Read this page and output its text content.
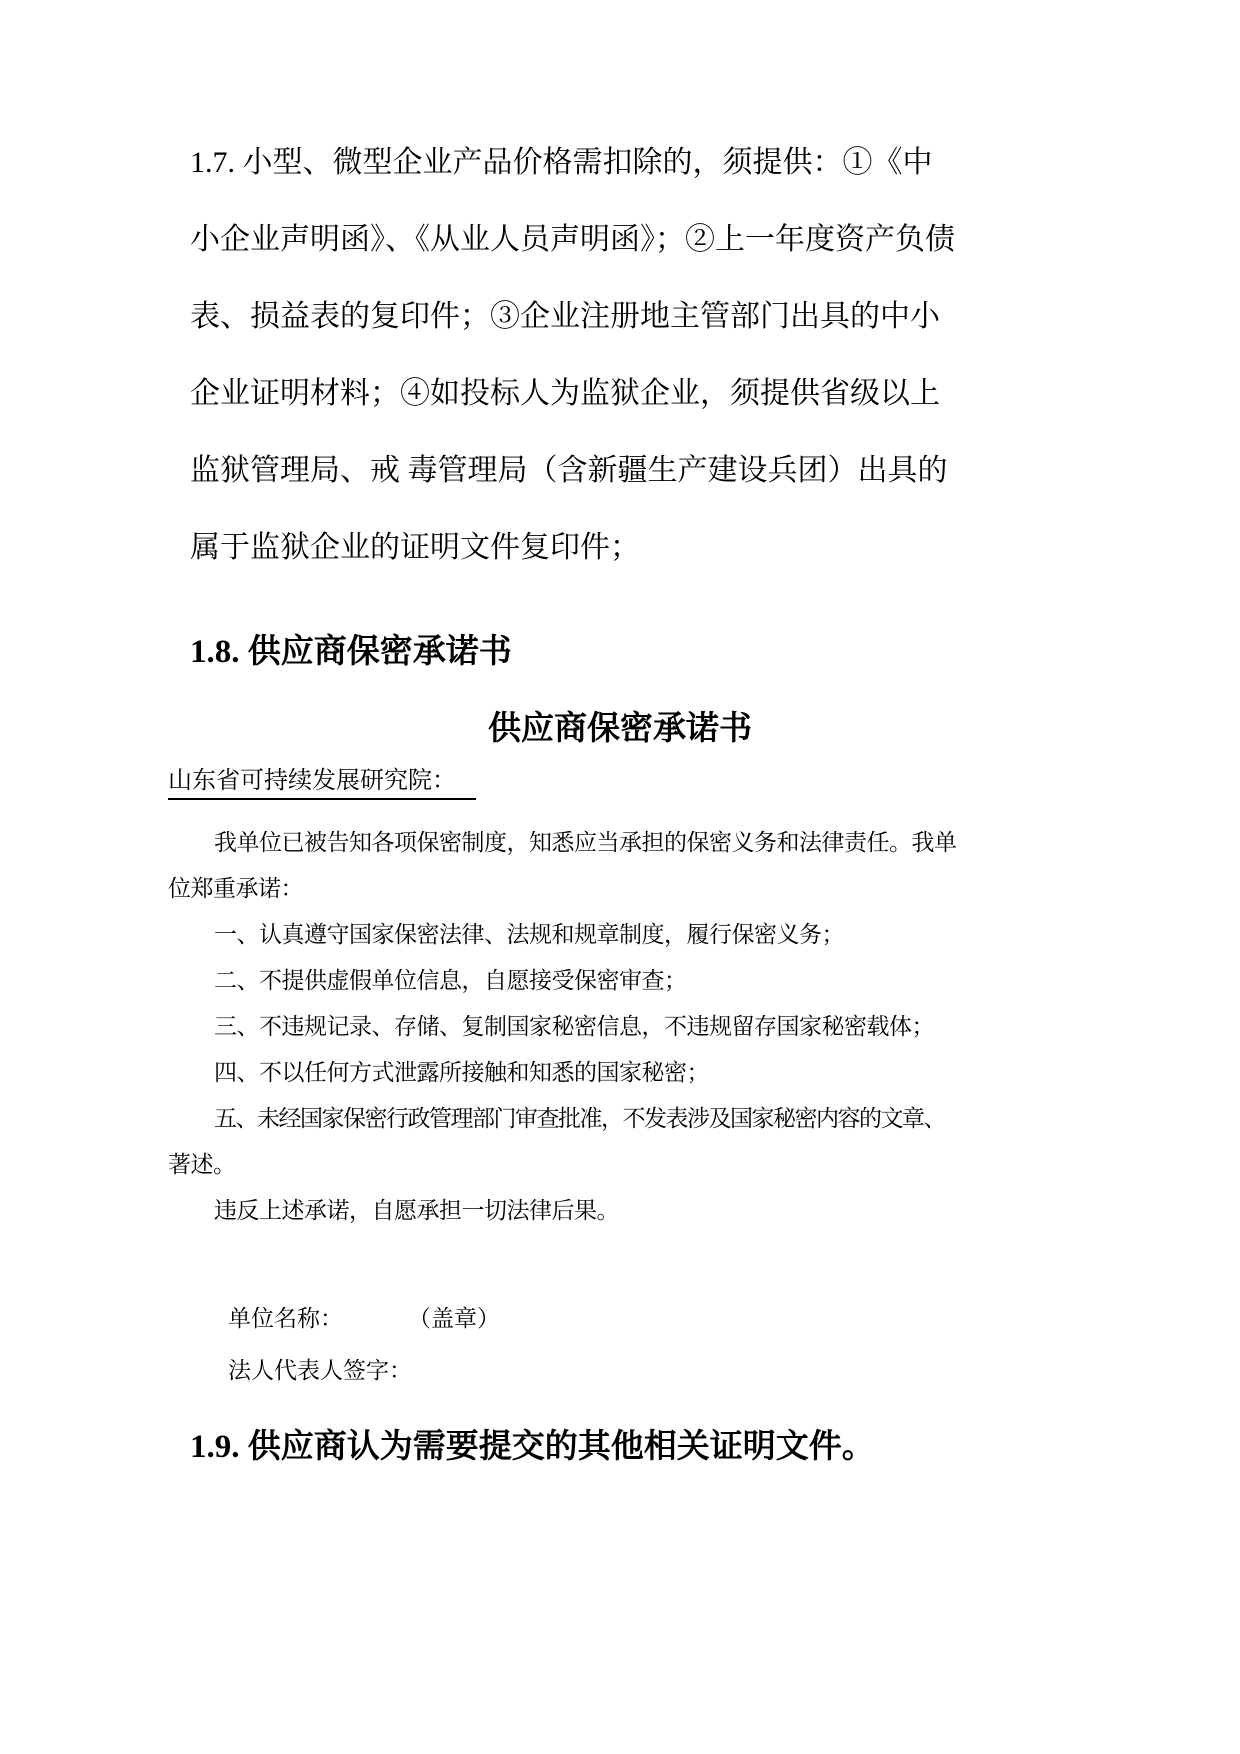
1.7. 小型、微型企业产品价格需扣除的，须提供：①《中
小企业声明函》、《从业人员声明函》；②上一年度资产负债
表、损益表的复印件；③企业注册地主管部门出具的中小
企业证明材料；④如投标人为监狱企业，须提供省级以上
监狱管理局、戒 毒管理局（含新疆生产建设兵团）出具的
属于监狱企业的证明文件复印件；
1.8. 供应商保密承诺书
供应商保密承诺书
山东省可持续发展研究院：
我单位已被告知各项保密制度，知悉应当承担的保密义务和法律责任。我单
位郑重承诺：
一、认真遵守国家保密法律、法规和规章制度，履行保密义务；
二、不提供虚假单位信息，自愿接受保密审查；
三、不违规记录、存储、复制国家秘密信息，不违规留存国家秘密载体；
四、不以任何方式泄露所接触和知悉的国家秘密；
五、未经国家保密行政管理部门审查批准，不发表涉及国家秘密内容的文章、
著述。
违反上述承诺，自愿承担一切法律后果。
单位名称：	（盖章）
法人代表人签字：
1.9. 供应商认为需要提交的其他相关证明文件。
